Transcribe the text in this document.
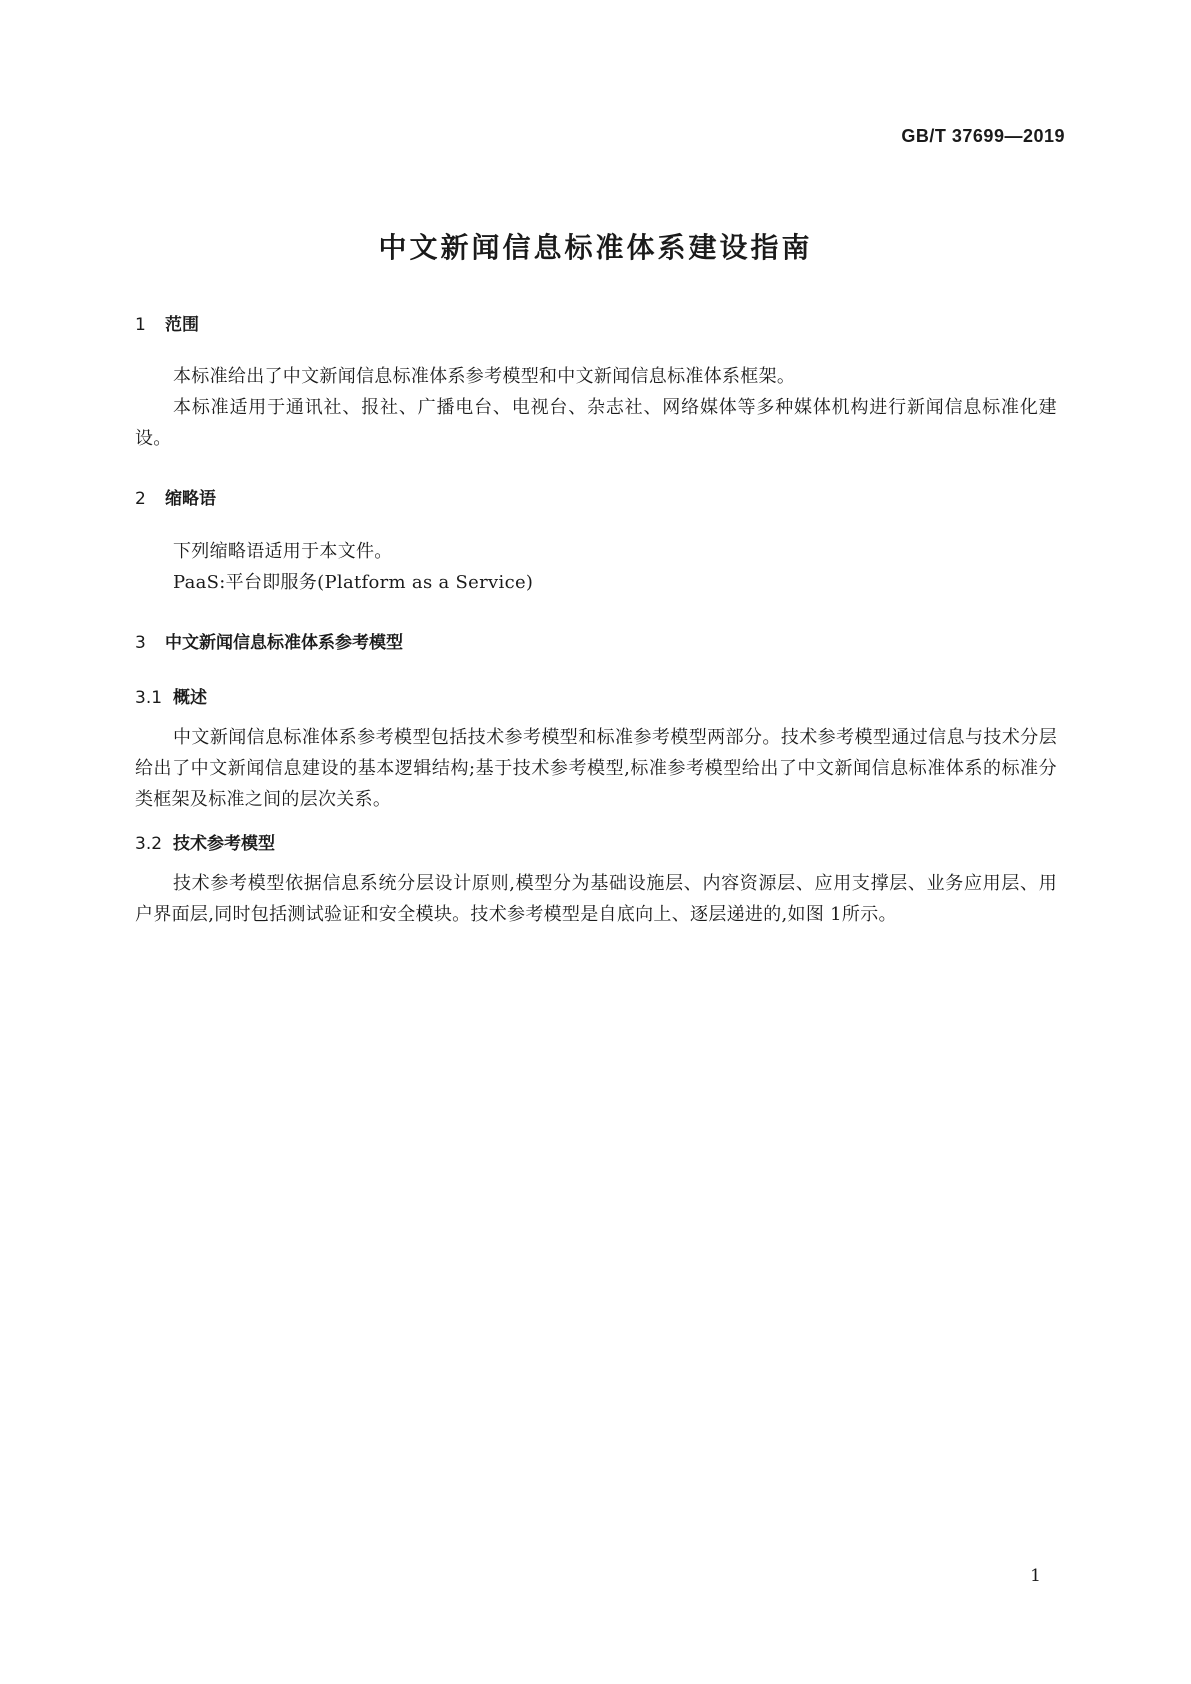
GB/T 37699—2019
中文新闻信息标准体系建设指南
1 范围
本标准给出了中文新闻信息标准体系参考模型和中文新闻信息标准体系框架。
本标准适用于通讯社、报社、广播电台、电视台、杂志社、网络媒体等多种媒体机构进行新闻信息标准化建设。
2 缩略语
下列缩略语适用于本文件。
PaaS:平台即服务(Platform as a Service)
3 中文新闻信息标准体系参考模型
3.1 概述
中文新闻信息标准体系参考模型包括技术参考模型和标准参考模型两部分。技术参考模型通过信息与技术分层给出了中文新闻信息建设的基本逻辑结构;基于技术参考模型,标准参考模型给出了中文新闻信息标准体系的标准分类框架及标准之间的层次关系。
3.2 技术参考模型
技术参考模型依据信息系统分层设计原则,模型分为基础设施层、内容资源层、应用支撑层、业务应用层、用户界面层,同时包括测试验证和安全模块。技术参考模型是自底向上、逐层递进的,如图 1所示。
1
